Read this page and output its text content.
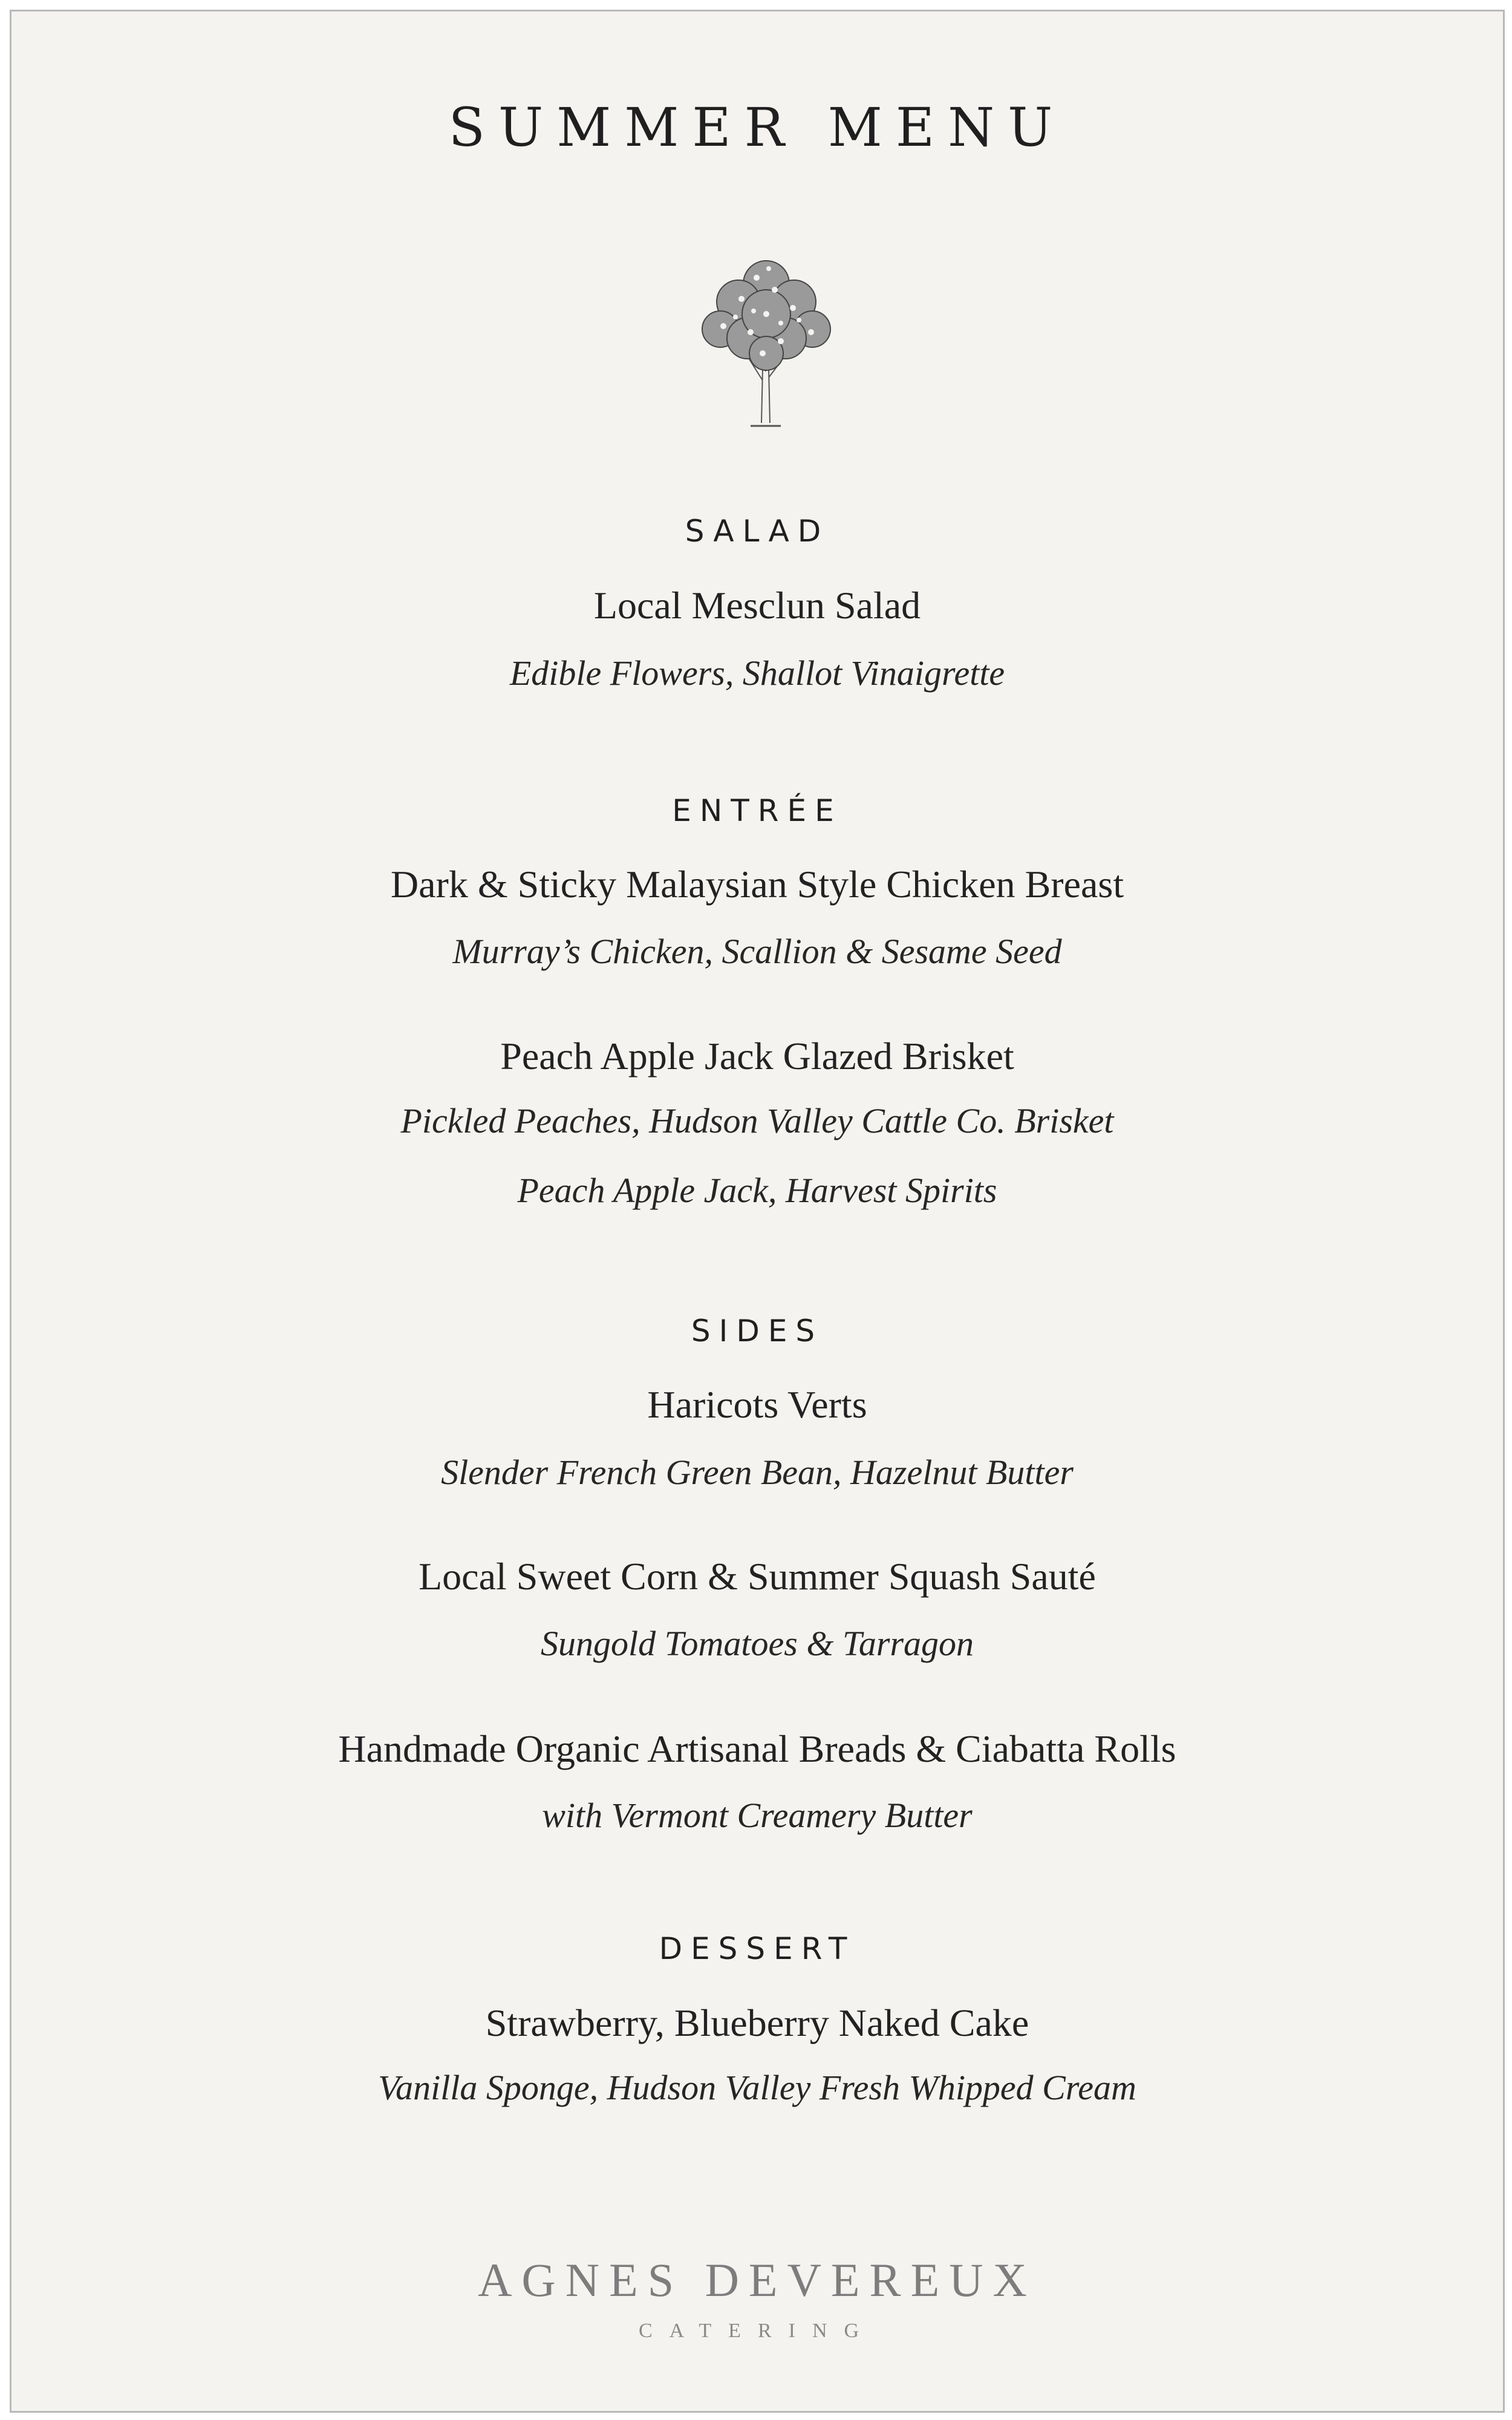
SUMMER MENU
SALAD
Local Mesclun Salad
Edible Flowers, Shallot Vinaigrette
ENTRÉE
Dark & Sticky Malaysian Style Chicken Breast
Murray’s Chicken, Scallion & Sesame Seed
Peach Apple Jack Glazed Brisket
Pickled Peaches, Hudson Valley Cattle Co. Brisket
Peach Apple Jack, Harvest Spirits
SIDES
Haricots Verts
Slender French Green Bean, Hazelnut Butter
Local Sweet Corn & Summer Squash Sauté
Sungold Tomatoes & Tarragon
Handmade Organic Artisanal Breads & Ciabatta Rolls
with Vermont Creamery Butter
DESSERT
Strawberry, Blueberry Naked Cake
Vanilla Sponge, Hudson Valley Fresh Whipped Cream
AGNES DEVEREUX
CATERING
